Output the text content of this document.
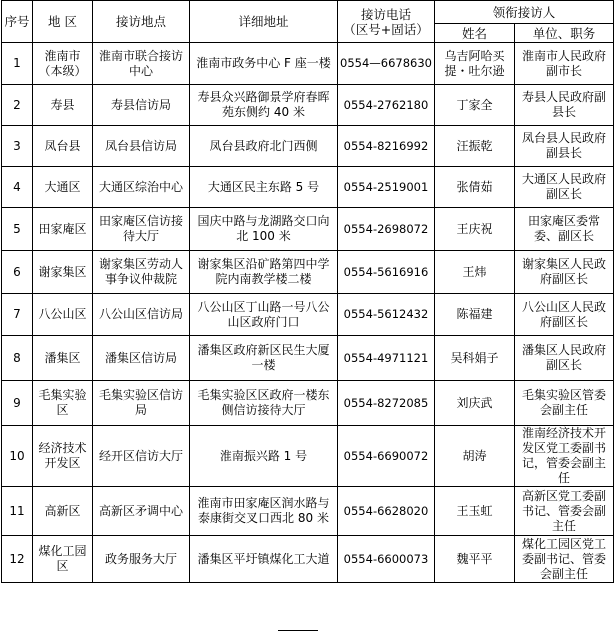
序号	地 区	接访地点	详细地址	接访电话
（区号+固话）	领衔接访人	
					姓名	单位、职务
1	淮南市（本级）	淮南市联合接访中心	淮南市政务中心 F 座一楼	0554—6678630	乌吉阿哈买提・吐尔逊	淮南市人民政府副市长
2	寿县	寿县信访局	寿县众兴路御景学府春晖苑东侧约 40 米	0554-2762180	丁家全	寿县人民政府副县长
3	凤台县	凤台县信访局	凤台县政府北门西侧	0554-8216992	汪振乾	凤台县人民政府副县长
4	大通区	大通区综治中心	大通区民主东路 5 号	0554-2519001	张倩茹	大通区人民政府副区长
5	田家庵区	田家庵区信访接待大厅	国庆中路与龙湖路交口向北 100 米	0554-2698072	王庆祝	田家庵区委常委、副区长
6	谢家集区	谢家集区劳动人事争议仲裁院	谢家集区沿矿路第四中学院内南教学楼二楼	0554-5616916	王炜	谢家集区人民政府副区长
7	八公山区	八公山区信访局	八公山区丁山路一号八公山区政府门口	0554-5612432	陈福建	八公山区人民政府副区长
8	潘集区	潘集区信访局	潘集区政府新区民生大厦一楼	0554-4971121	吴科娟子	潘集区人民政府副区长
9	毛集实验区	毛集实验区信访局	毛集实验区区政府一楼东侧信访接待大厅	0554-8272085	刘庆武	毛集实验区管委会副主任
10	经济技术开发区	经开区信访大厅	淮南振兴路 1 号	0554-6690072	胡涛	淮南经济技术开发区党工委副书记，管委会副主任
11	高新区	高新区矛调中心	淮南市田家庵区润水路与泰康街交叉口西北 80 米	0554-6628020	王玉虹	高新区党工委副书记、管委会副主任
12	煤化工园区	政务服务大厅	潘集区平圩镇煤化工大道	0554-6600073	魏平平	煤化工园区党工委副书记、管委会副主任
